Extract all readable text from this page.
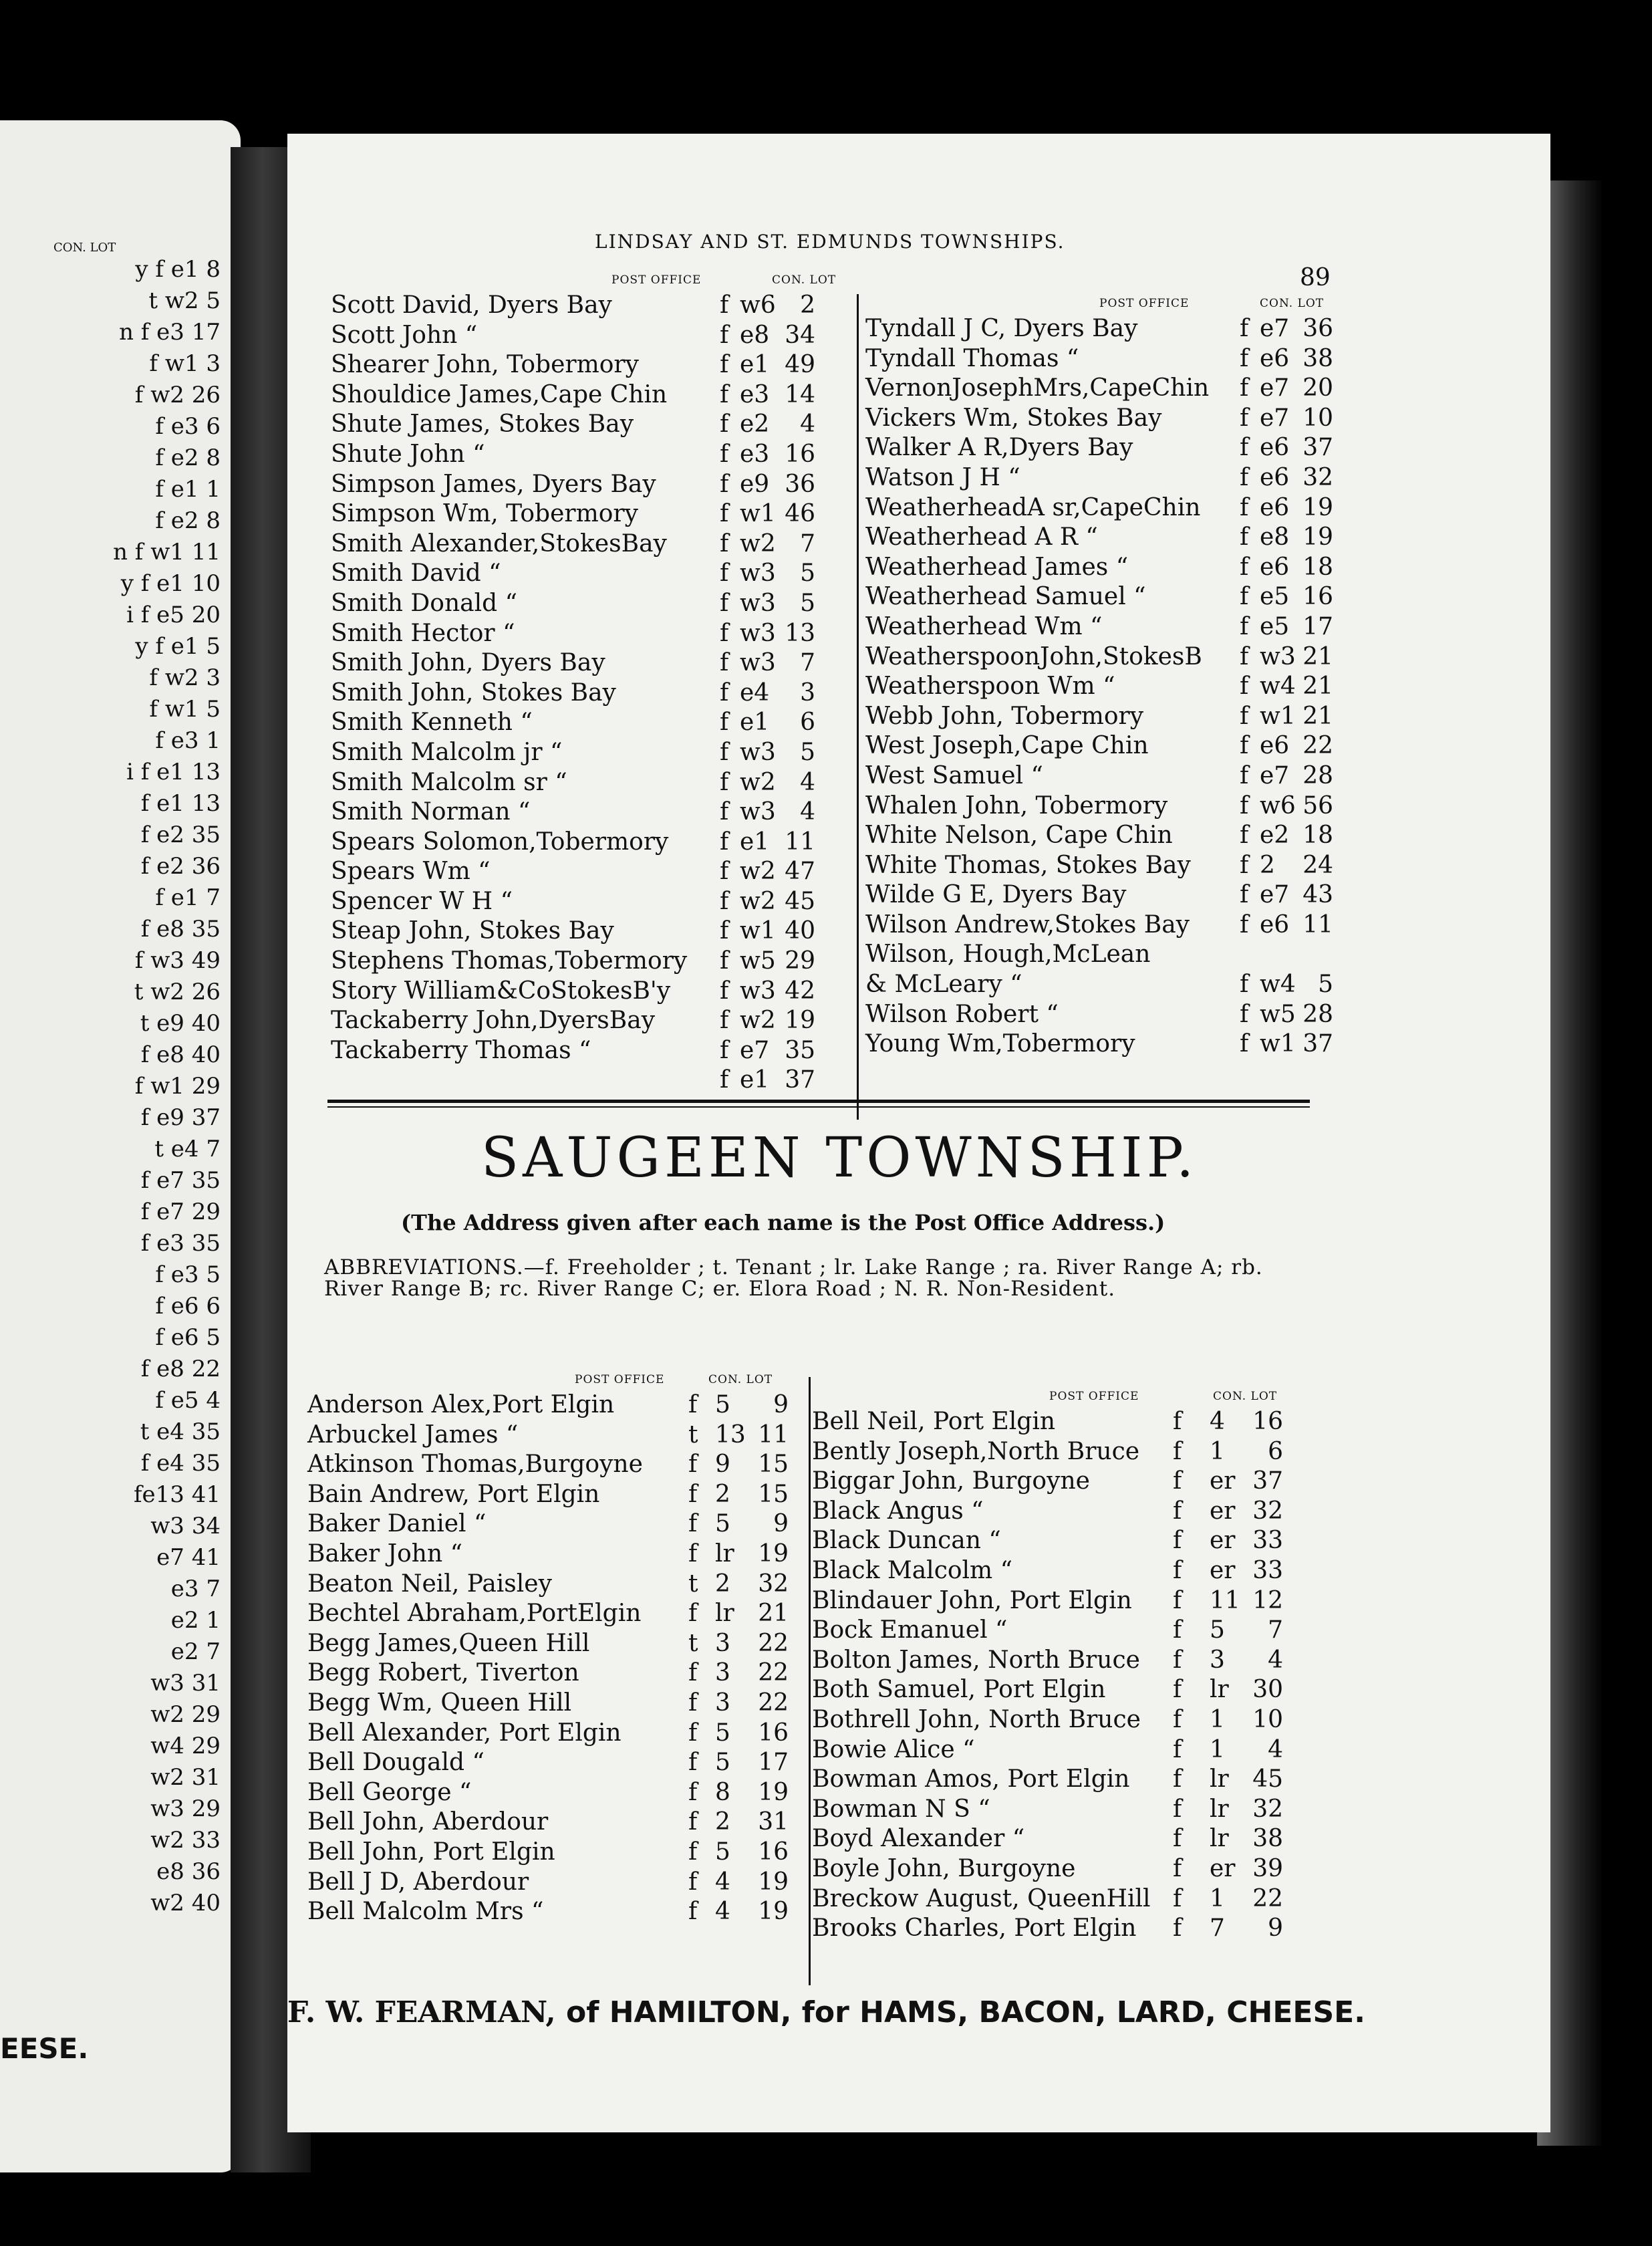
CON. LOT
y f e1 8
t w2 5
n f e3 17
f w1 3
f w2 26
f e3 6
f e2 8
f e1 1
f e2 8
n f w1 11
y f e1 10
i f e5 20
y f e1 5
f w2 3
f w1 5
f e3 1
i f e1 13
f e1 13
f e2 35
f e2 36
f e1 7
f e8 35
f w3 49
t w2 26
t e9 40
f e8 40
f w1 29
f e9 37
t e4 7
f e7 35
f e7 29
f e3 35
f e3 5
f e6 6
f e6 5
f e8 22
f e5 4
t e4 35
f e4 35
fe13 41
w3 34
e7 41
e3 7
e2 1
e2 7
w3 31
w2 29
w4 29
w2 31
w3 29
w2 33
e8 36
w2 40
EESE.
LINDSAY AND ST. EDMUNDS TOWNSHIPS.
89
POST OFFICE	CON. LOT
Scott David, Dyers Bay	f w6	2
Scott John “	f e8 34
Shearer John, Tobermory	f e1 49
Shouldice James,Cape Chin f e3 14
Shute James, Stokes Bay	f e2	4
Shute John “	f e3 16
Simpson James, Dyers Bay	f e9 36
Simpson Wm, Tobermory	f w1 46
Smith Alexander,StokesBay f w2	7
Smith David “	f w3	5
Smith Donald “	f w3	5
Smith Hector “	f w3 13
Smith John, Dyers Bay	f w3	7
Smith John, Stokes Bay	f e4	3
Smith Kenneth “	f e1	6
Smith Malcolm jr “	f w3	5
Smith Malcolm sr “	f w2	4
Smith Norman “	f w3	4
Spears Solomon,Tobermory f e1 11
Spears Wm “	f w2 47
Spencer W H “	f w2 45
Steap John, Stokes Bay	f w1 40
Stephens Thomas,Tobermory f w5 29
Story William&CoStokesB'y f w3 42
Tackaberry John,DyersBay	f w2 19
Tackaberry Thomas “	f e7 35
f e1 37
POST OFFICE	CON. LOT
Tyndall J C, Dyers Bay	f e7 36
Tyndall Thomas “	f e6 38
VernonJosephMrs,CapeChin f e7 20
Vickers Wm, Stokes Bay	f e7 10
Walker A R,Dyers Bay	f e6 37
Watson J H “	f e6 32
WeatherheadA sr,CapeChin f e6 19
Weatherhead A R “	f e8 19
Weatherhead James “	f e6 18
Weatherhead Samuel “	f e5 16
Weatherhead Wm “	f e5 17
WeatherspoonJohn,StokesB f w3 21
Weatherspoon Wm “	f w4 21
Webb John, Tobermory	f w1 21
West Joseph,Cape Chin	f e6 22
West Samuel “	f e7 28
Whalen John, Tobermory	f w6 56
White Nelson, Cape Chin	f e2 18
White Thomas, Stokes Bay f 2	24
Wilde G E, Dyers Bay	f e7 43
Wilson Andrew,Stokes Bay f e6 11
Wilson, Hough,McLean
& McLeary “	f w4 5
Wilson Robert “	f w5 28
Young Wm,Tobermory	f w1 37
SAUGEEN TOWNSHIP.
(The Address given after each name is the Post Office Address.)
ABBREVIATIONS.—f. Freeholder ; t. Tenant ; lr. Lake Range ; ra. River Range A; rb. River Range B; rc. River Range C; er. Elora Road ; N. R. Non-Resident.
POST OFFICE	CON. LOT
Anderson Alex,Port Elgin	f 5	9
Arbuckel James “	t 13 11
Atkinson Thomas,Burgoyne f 9	15
Bain Andrew, Port Elgin	f 2	15
Baker Daniel “	f 5	9
Baker John “	f lr 19
Beaton Neil, Paisley	t 2	32
Bechtel Abraham,PortElgin f lr 21
Begg James,Queen Hill	t 3	22
Begg Robert, Tiverton	f 3	22
Begg Wm, Queen Hill	f 3	22
Bell Alexander, Port Elgin	f 5	16
Bell Dougald “	f 5	17
Bell George “	f 8	19
Bell John, Aberdour	f 2	31
Bell John, Port Elgin	f 5	16
Bell J D, Aberdour	f 4	19
Bell Malcolm Mrs “	f 4	19
POST OFFICE	CON. LOT
Bell Neil, Port Elgin	f 4	16
Bently Joseph,North Bruce f 1	6
Biggar John, Burgoyne	f er 37
Black Angus “	f er 32
Black Duncan “	f er 33
Black Malcolm “	f er 33
Blindauer John, Port Elgin f 11 12
Bock Emanuel “	f 5	7
Bolton James, North Bruce f 3	4
Both Samuel, Port Elgin	f lr 30
Bothrell John, North Bruce f 1	10
Bowie Alice “	f 1	4
Bowman Amos, Port Elgin f lr 45
Bowman N S “	f lr 32
Boyd Alexander “	f lr 38
Boyle John, Burgoyne	f er 39
Breckow August, QueenHill f 1	22
Brooks Charles, Port Elgin f 7	9
F. W. FEARMAN, of HAMILTON, for HAMS, BACON, LARD, CHEESE.
